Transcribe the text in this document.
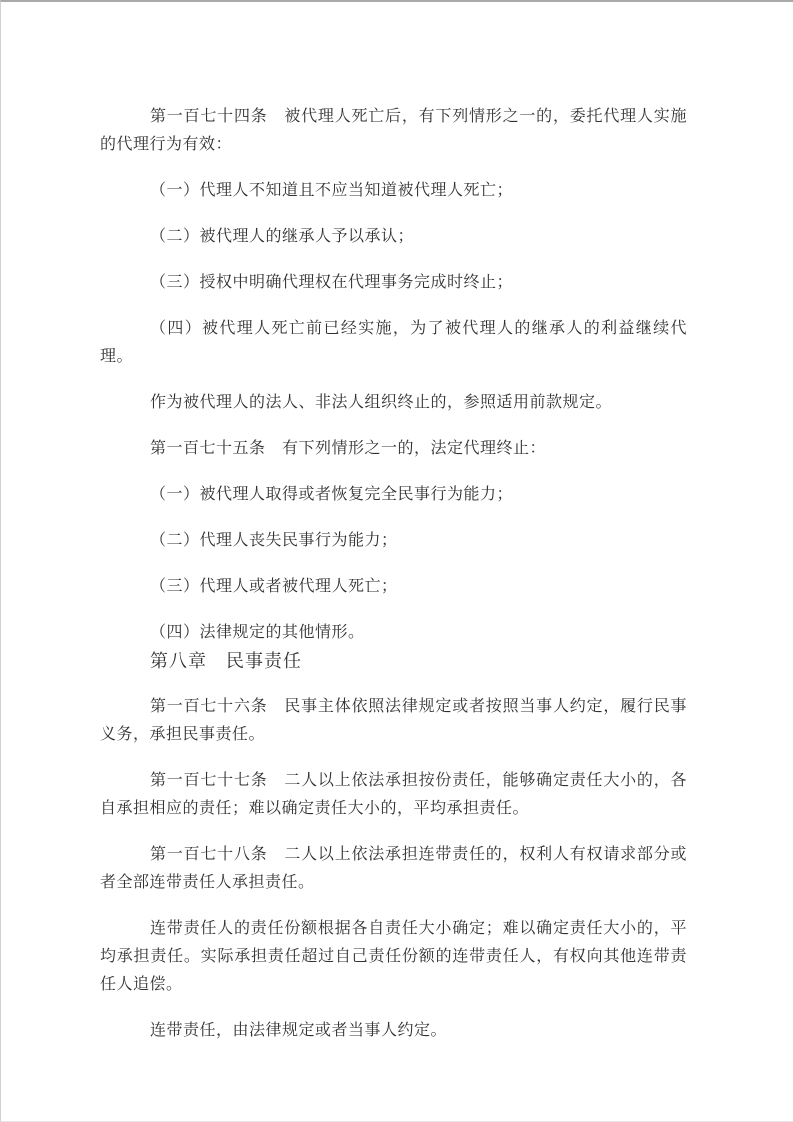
第一百七十四条　被代理人死亡后，有下列情形之一的，委托代理人实施的代理行为有效：

（一）代理人不知道且不应当知道被代理人死亡；

（二）被代理人的继承人予以承认；

（三）授权中明确代理权在代理事务完成时终止；

（四）被代理人死亡前已经实施，为了被代理人的继承人的利益继续代理。

作为被代理人的法人、非法人组织终止的，参照适用前款规定。

第一百七十五条　有下列情形之一的，法定代理终止：

（一）被代理人取得或者恢复完全民事行为能力；

（二）代理人丧失民事行为能力；

（三）代理人或者被代理人死亡；

（四）法律规定的其他情形。

第八章　民事责任

第一百七十六条　民事主体依照法律规定或者按照当事人约定，履行民事义务，承担民事责任。

第一百七十七条　二人以上依法承担按份责任，能够确定责任大小的，各自承担相应的责任；难以确定责任大小的，平均承担责任。

第一百七十八条　二人以上依法承担连带责任的，权利人有权请求部分或者全部连带责任人承担责任。

连带责任人的责任份额根据各自责任大小确定；难以确定责任大小的，平均承担责任。实际承担责任超过自己责任份额的连带责任人，有权向其他连带责任人追偿。

连带责任，由法律规定或者当事人约定。
